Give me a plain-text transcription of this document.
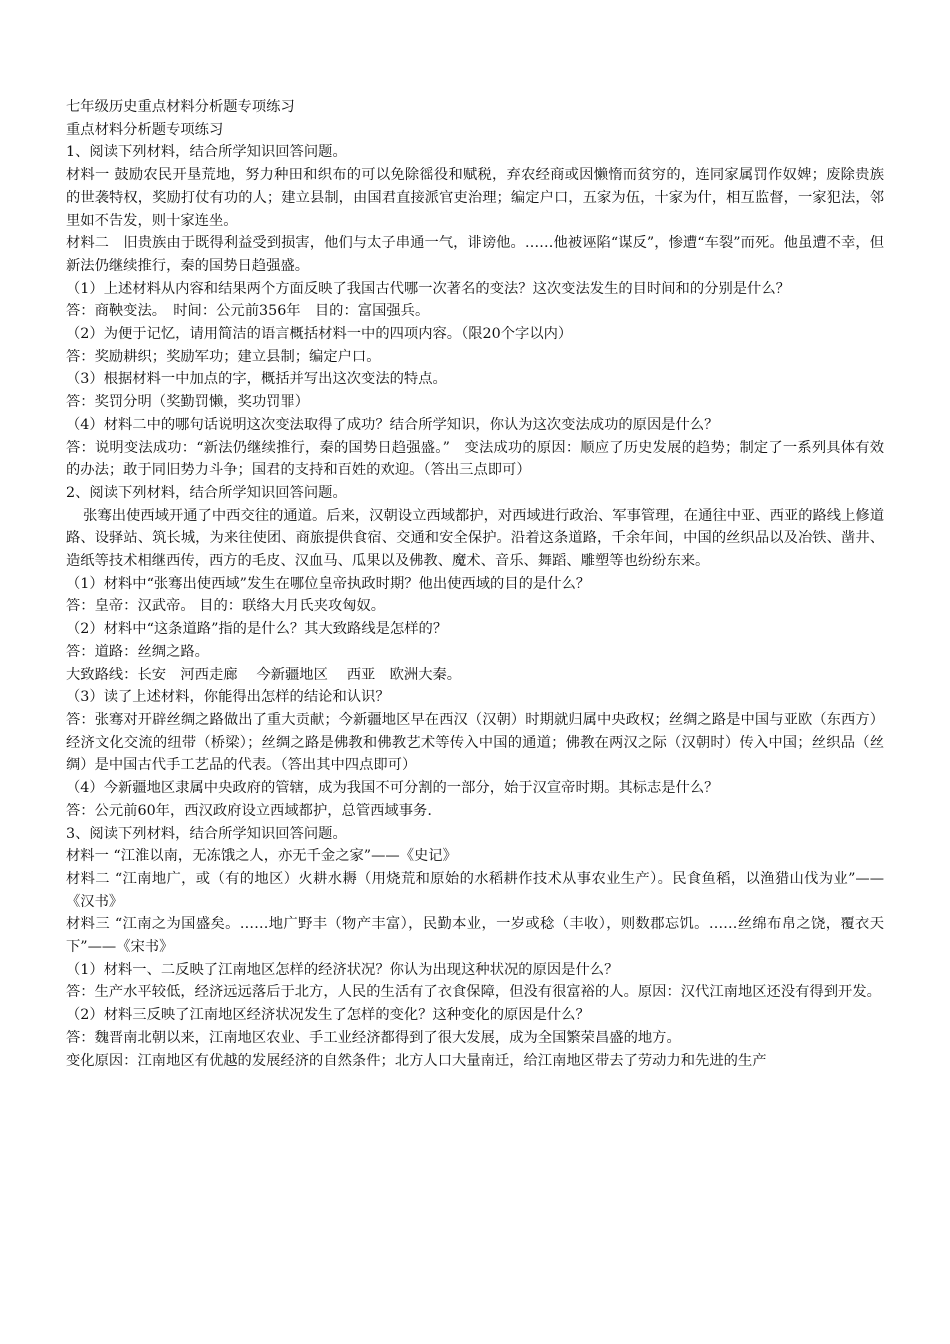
七年级历史重点材料分析题专项练习

重点材料分析题专项练习

1、阅读下列材料，结合所学知识回答问题。

材料一 鼓励农民开垦荒地，努力种田和织布的可以免除徭役和赋税，弃农经商或因懒惰而贫穷的，连同家属罚作奴婢；废除贵族的世袭特权，奖励打仗有功的人；建立县制，由国君直接派官吏治理；编定户口，五家为伍，十家为什，相互监督，一家犯法，邻里如不告发，则十家连坐。

材料二　旧贵族由于既得利益受到损害，他们与太子串通一气，诽谤他。……他被诬陷“谋反”，惨遭“车裂”而死。他虽遭不幸，但新法仍继续推行，秦的国势日趋强盛。

（1）上述材料从内容和结果两个方面反映了我国古代哪一次著名的变法？这次变法发生的目时间和的分别是什么？

答：商鞅变法。　时间：公元前356年　目的：富国强兵。

（2）为便于记忆，请用简洁的语言概括材料一中的四项内容。（限20个字以内）

答：奖励耕织；奖励军功；建立县制；编定户口。

（3）根据材料一中加点的字，概括并写出这次变法的特点。

答：奖罚分明（奖勤罚懒，奖功罚罪）

（4）材料二中的哪句话说明这次变法取得了成功？结合所学知识，你认为这次变法成功的原因是什么？

答：说明变法成功：“新法仍继续推行，秦的国势日趋强盛。”　变法成功的原因：顺应了历史发展的趋势；制定了一系列具体有效的办法；敢于同旧势力斗争；国君的支持和百姓的欢迎。（答出三点即可）

2、阅读下列材料，结合所学知识回答问题。

张骞出使西域开通了中西交往的通道。后来，汉朝设立西域都护，对西域进行政治、军事管理，在通往中亚、西亚的路线上修道路、设驿站、筑长城，为来往使团、商旅提供食宿、交通和安全保护。沿着这条道路，千余年间，中国的丝织品以及冶铁、凿井、造纸等技术相继西传，西方的毛皮、汉血马、瓜果以及佛教、魔术、音乐、舞蹈、雕塑等也纷纷东来。

（1）材料中“张骞出使西域”发生在哪位皇帝执政时期？他出使西域的目的是什么？

答：皇帝：汉武帝。 目的：联络大月氏夹攻匈奴。

（2）材料中“这条道路”指的是什么？其大致路线是怎样的？

答：道路：丝绸之路。

大致路线：长安　河西走廊　 今新疆地区　 西亚　欧洲大秦。

（3）读了上述材料，你能得出怎样的结论和认识？

答：张骞对开辟丝绸之路做出了重大贡献；今新疆地区早在西汉（汉朝）时期就归属中央政权；丝绸之路是中国与亚欧（东西方）经济文化交流的纽带（桥梁）；丝绸之路是佛教和佛教艺术等传入中国的通道；佛教在两汉之际（汉朝时）传入中国；丝织品（丝绸）是中国古代手工艺品的代表。（答出其中四点即可）

（4）今新疆地区隶属中央政府的管辖，成为我国不可分割的一部分，始于汉宣帝时期。其标志是什么？

答：公元前60年，西汉政府设立西域都护，总管西域事务.

3、阅读下列材料，结合所学知识回答问题。

材料一 “江淮以南，无冻饿之人，亦无千金之家”——《史记》

材料二 “江南地广，或（有的地区）火耕水耨（用烧荒和原始的水稻耕作技术从事农业生产）。民食鱼稻，以渔猎山伐为业”——《汉书》

材料三 “江南之为国盛矣。……地广野丰（物产丰富），民勤本业，一岁或稔（丰收），则数郡忘饥。……丝绵布帛之饶，覆衣天下”——《宋书》

（1）材料一、二反映了江南地区怎样的经济状况？你认为出现这种状况的原因是什么？

答：生产水平较低，经济远远落后于北方，人民的生活有了衣食保障，但没有很富裕的人。原因：汉代江南地区还没有得到开发。

（2）材料三反映了江南地区经济状况发生了怎样的变化？这种变化的原因是什么？

答：魏晋南北朝以来，江南地区农业、手工业经济都得到了很大发展，成为全国繁荣昌盛的地方。

变化原因：江南地区有优越的发展经济的自然条件；北方人口大量南迁，给江南地区带去了劳动力和先进的生产
